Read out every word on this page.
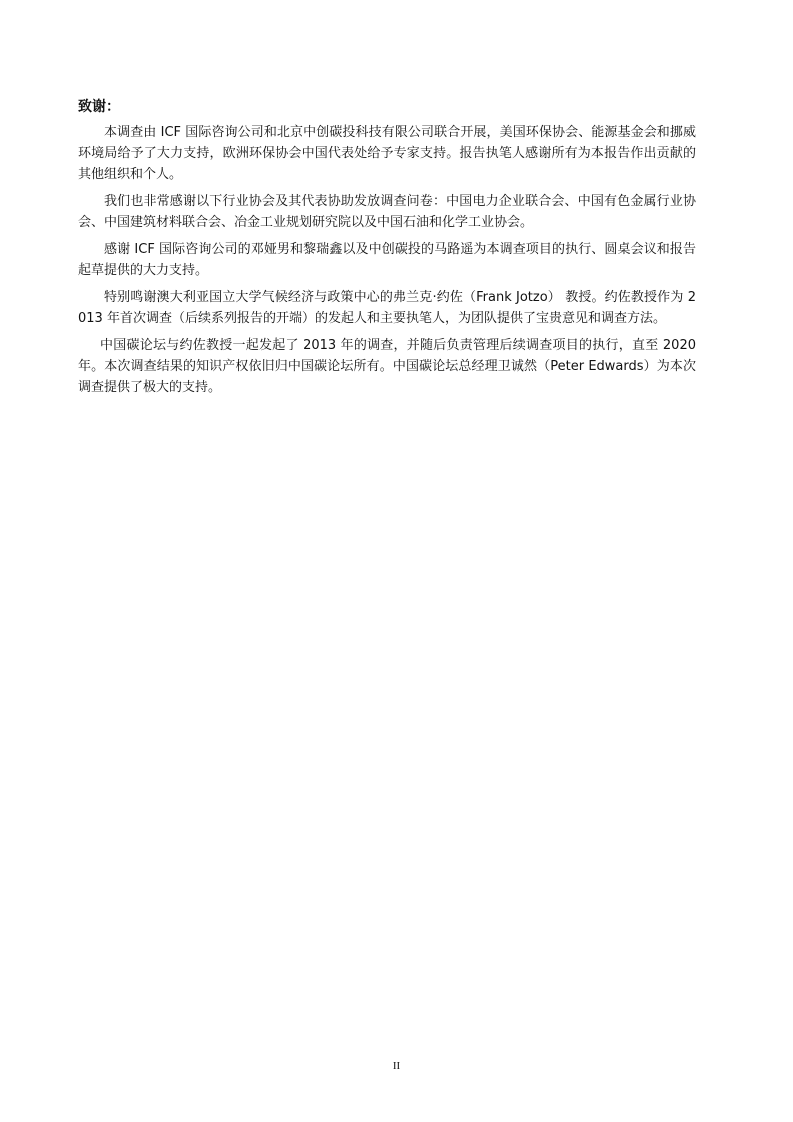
致谢：

本调查由 ICF 国际咨询公司和北京中创碳投科技有限公司联合开展，美国环保协会、能源基金会和挪威环境局给予了大力支持，欧洲环保协会中国代表处给予专家支持。报告执笔人感谢所有为本报告作出贡献的其他组织和个人。

我们也非常感谢以下行业协会及其代表协助发放调查问卷：中国电力企业联合会、中国有色金属行业协会、中国建筑材料联合会、冶金工业规划研究院以及中国石油和化学工业协会。

感谢 ICF 国际咨询公司的邓娅男和黎瑞鑫以及中创碳投的马路遥为本调查项目的执行、圆桌会议和报告起草提供的大力支持。

特别鸣谢澳大利亚国立大学气候经济与政策中心的弗兰克·约佐（Frank Jotzo） 教授。约佐教授作为 2013 年首次调查（后续系列报告的开端）的发起人和主要执笔人，为团队提供了宝贵意见和调查方法。

中国碳论坛与约佐教授一起发起了 2013 年的调查，并随后负责管理后续调查项目的执行，直至 2020 年。本次调查结果的知识产权依旧归中国碳论坛所有。中国碳论坛总经理卫诚然（Peter Edwards）为本次调查提供了极大的支持。

II
